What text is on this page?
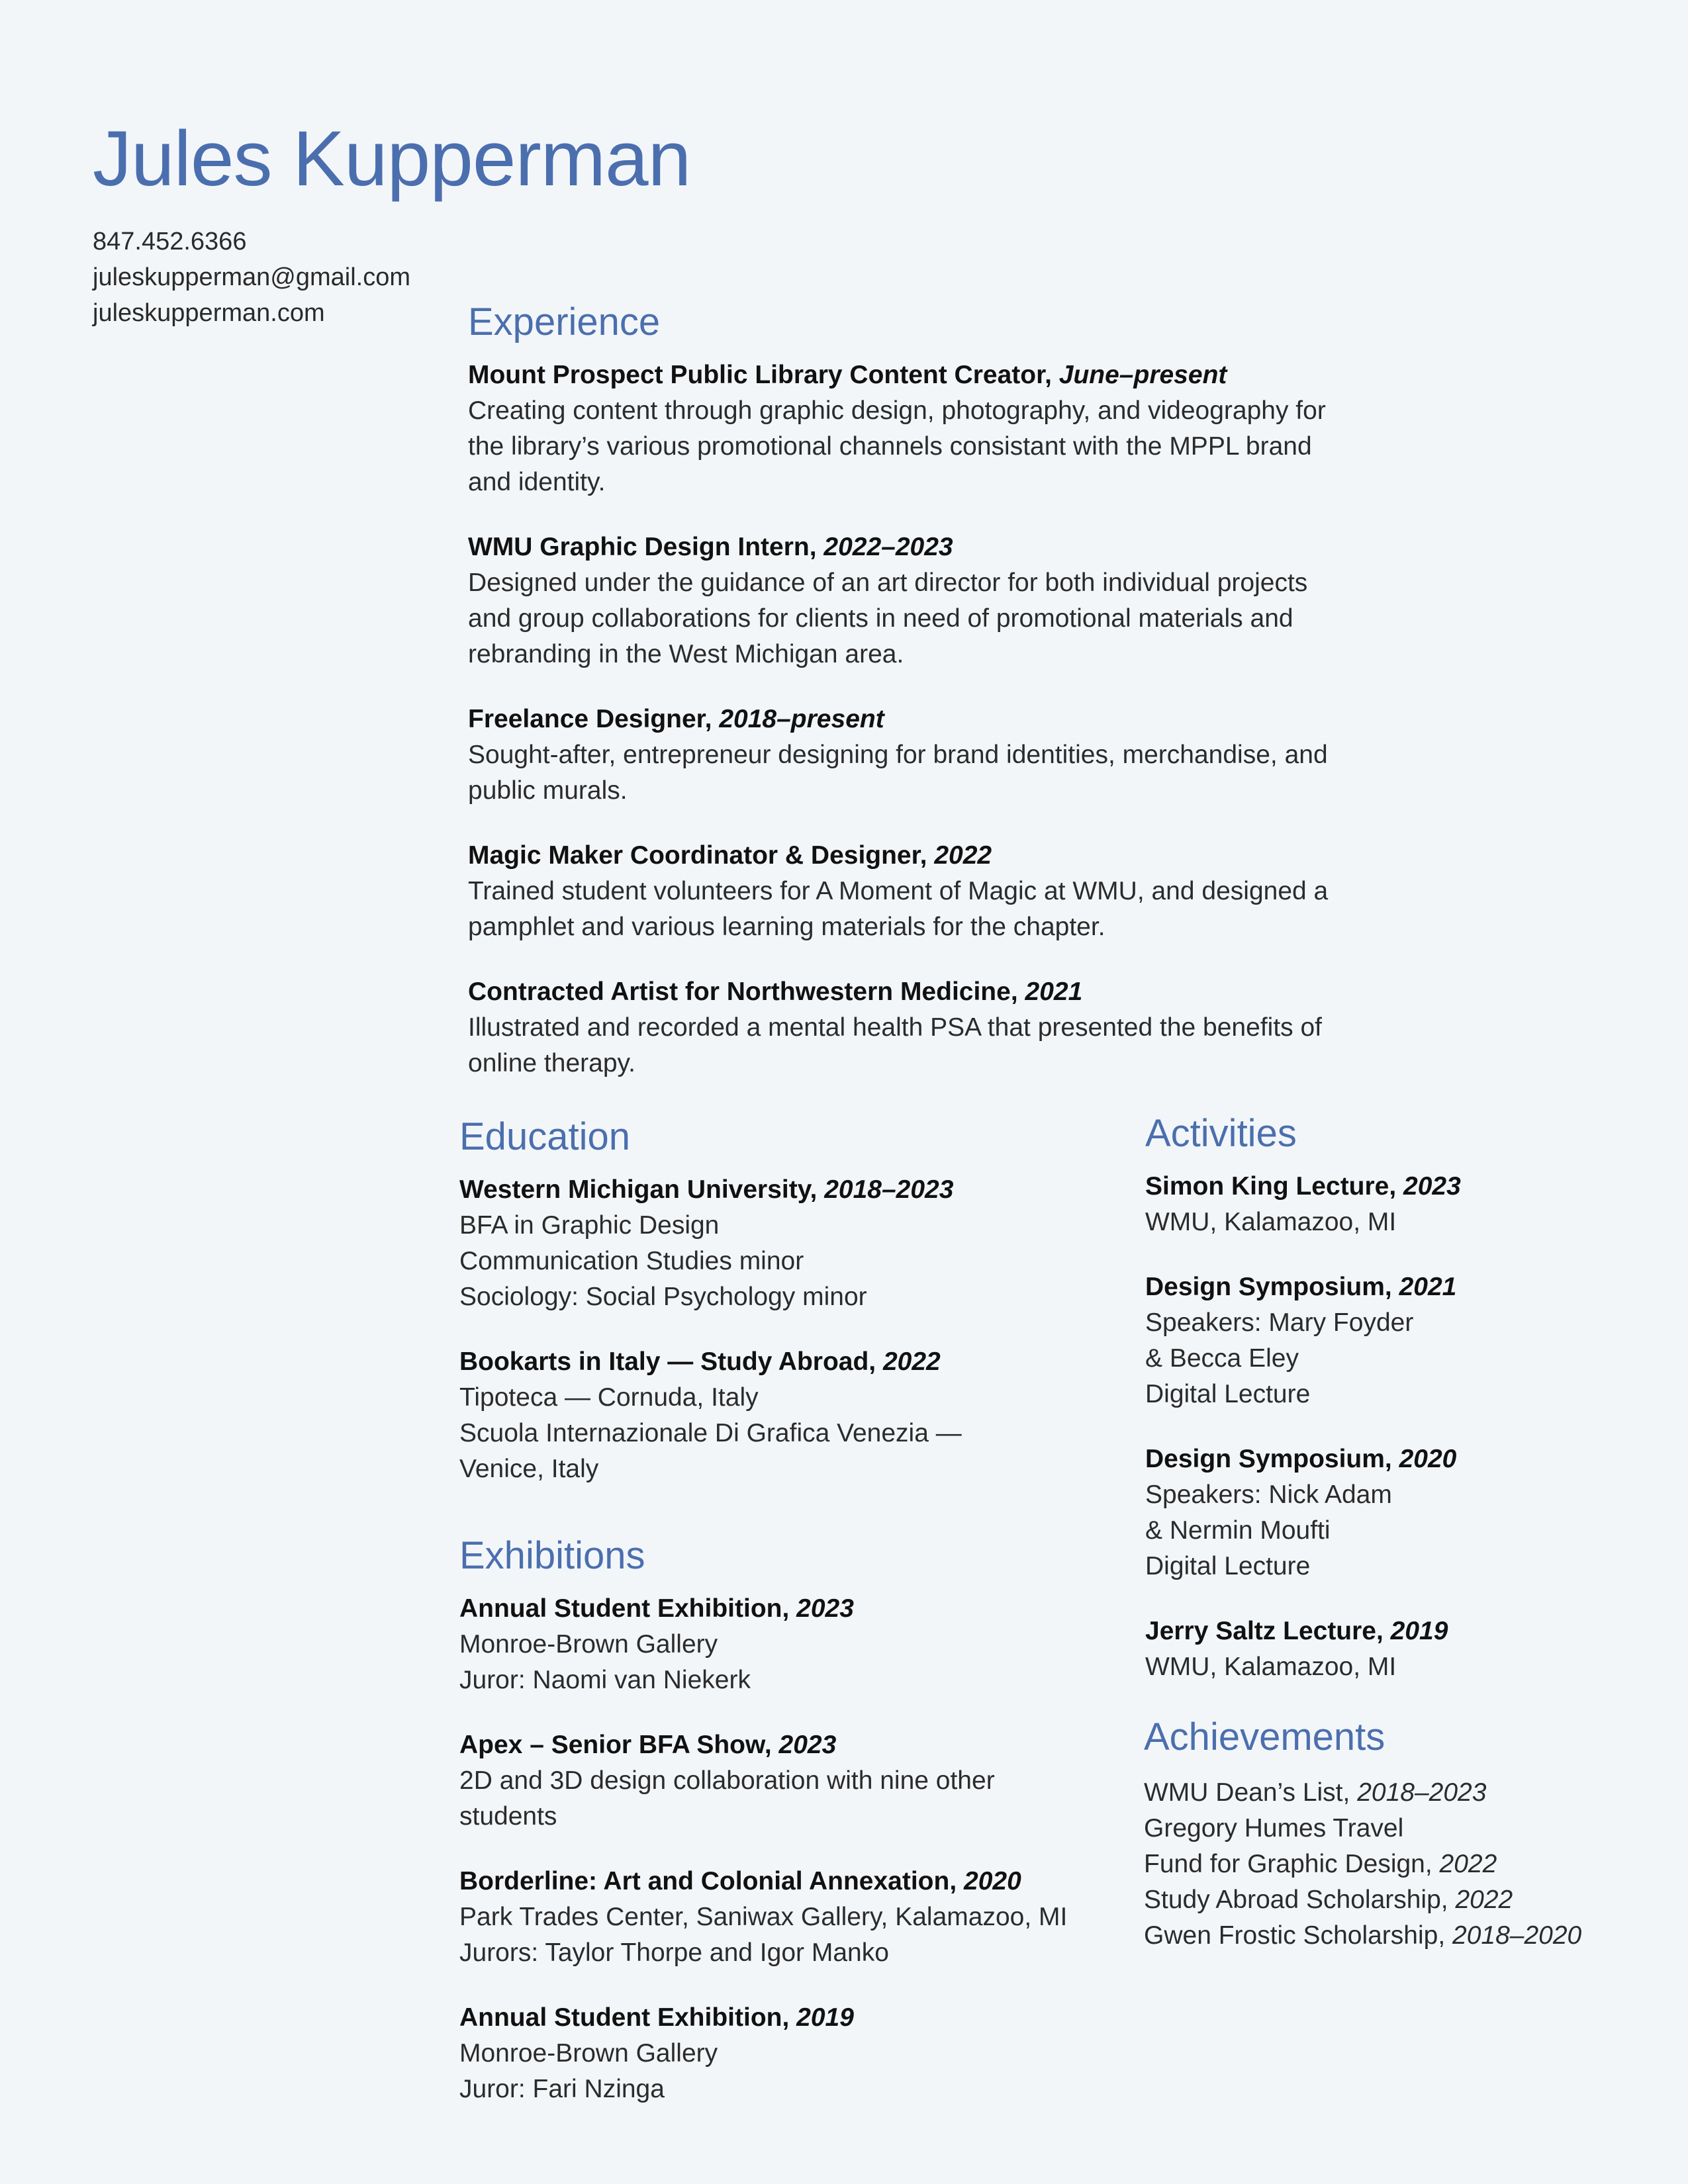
Jules Kupperman
847.452.6366
juleskupperman@gmail.com
juleskupperman.com	Experience
Mount Prospect Public Library Content Creator, June–present
Creating content through graphic design, photography, and videography for
the library’s various promotional channels consistant with the MPPL brand
and identity.
WMU Graphic Design Intern, 2022–2023
Designed under the guidance of an art director for both individual projects
and group collaborations for clients in need of promotional materials and
rebranding in the West Michigan area.
Freelance Designer, 2018–present
Sought-after, entrepreneur designing for brand identities, merchandise, and
public murals.
Magic Maker Coordinator & Designer, 2022
Trained student volunteers for A Moment of Magic at WMU, and designed a
pamphlet and various learning materials for the chapter.
Contracted Artist for Northwestern Medicine, 2021
Illustrated and recorded a mental health PSA that presented the benefits of
online therapy.
Education
Western Michigan University, 2018–2023
BFA in Graphic Design
Communication Studies minor
Sociology: Social Psychology minor
Bookarts in Italy — Study Abroad, 2022
Tipoteca — Cornuda, Italy
Scuola Internazionale Di Grafica Venezia —
Venice, Italy
Exhibitions
Annual Student Exhibition, 2023
Monroe-Brown Gallery
Juror: Naomi van Niekerk
Apex – Senior BFA Show, 2023
2D and 3D design collaboration with nine other
students
Borderline: Art and Colonial Annexation, 2020
Park Trades Center, Saniwax Gallery, Kalamazoo, MI
Jurors: Taylor Thorpe and Igor Manko
Annual Student Exhibition, 2019
Monroe-Brown Gallery
Juror: Fari Nzinga
Activities
Simon King Lecture, 2023
WMU, Kalamazoo, MI
Design Symposium, 2021
Speakers: Mary Foyder
& Becca Eley
Digital Lecture
Design Symposium, 2020
Speakers: Nick Adam
& Nermin Moufti
Digital Lecture
Jerry Saltz Lecture, 2019
WMU, Kalamazoo, MI
Achievements
WMU Dean’s List, 2018–2023
Gregory Humes Travel
Fund for Graphic Design, 2022
Study Abroad Scholarship, 2022
Gwen Frostic Scholarship, 2018–2020
